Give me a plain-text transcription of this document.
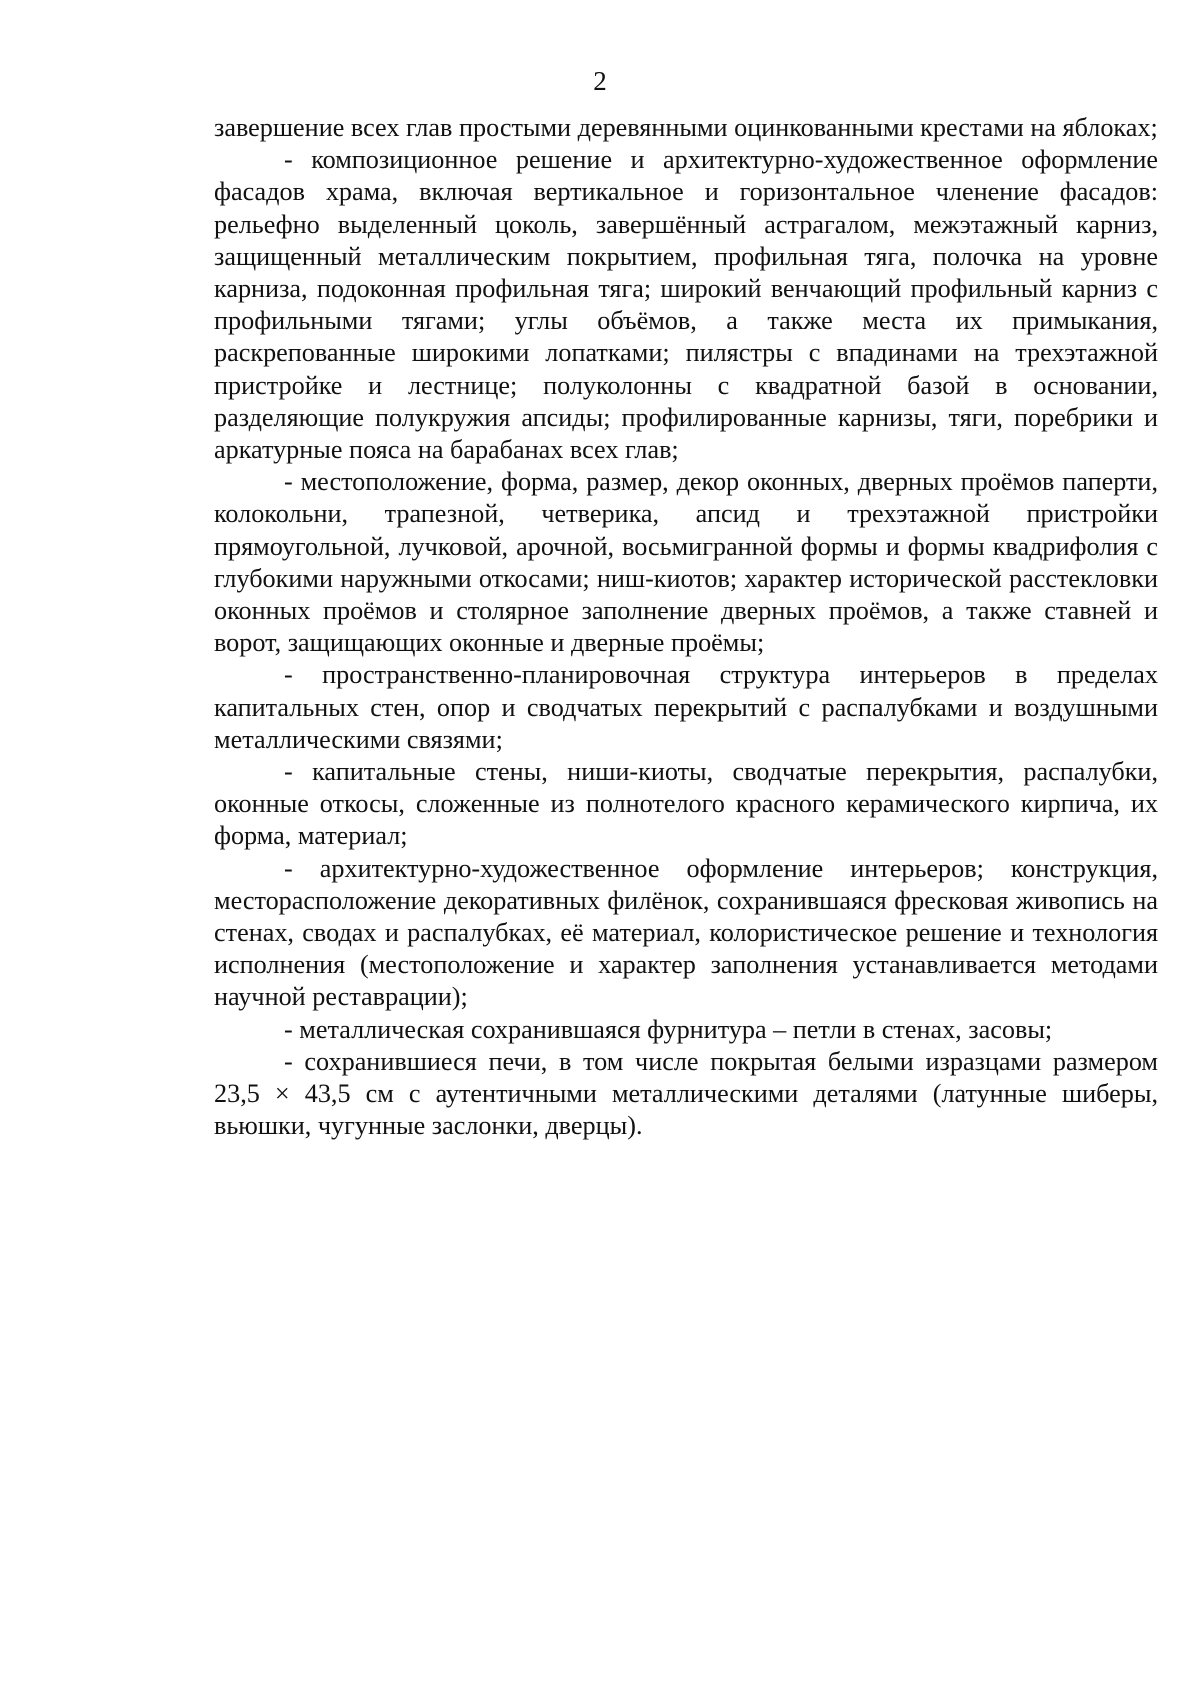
2

завершение всех глав простыми деревянными оцинкованными крестами на яблоках;

- композиционное решение и архитектурно-художественное оформление фасадов храма, включая вертикальное и горизонтальное членение фасадов: рельефно выделенный цоколь, завершённый астрагалом, межэтажный карниз, защищенный металлическим покрытием, профильная тяга, полочка на уровне карниза, подоконная профильная тяга; широкий венчающий профильный карниз с профильными тягами; углы объёмов, а также места их примыкания, раскрепованные широкими лопатками; пилястры с впадинами на трехэтажной пристройке и лестнице; полуколонны с квадратной базой в основании, разделяющие полукружия апсиды; профилированные карнизы, тяги, поребрики и аркатурные пояса на барабанах всех глав;

- местоположение, форма, размер, декор оконных, дверных проёмов паперти, колокольни, трапезной, четверика, апсид и трехэтажной пристройки прямоугольной, лучковой, арочной, восьмигранной формы и формы квадрифолия с глубокими наружными откосами; ниш-киотов; характер исторической расстекловки оконных проёмов и столярное заполнение дверных проёмов, а также ставней и ворот, защищающих оконные и дверные проёмы;

- пространственно-планировочная структура интерьеров в пределах капитальных стен, опор и сводчатых перекрытий с распалубками и воздушными металлическими связями;

- капитальные стены, ниши-киоты, сводчатые перекрытия, распалубки, оконные откосы, сложенные из полнотелого красного керамического кирпича, их форма, материал;

- архитектурно-художественное оформление интерьеров; конструкция, месторасположение декоративных филёнок, сохранившаяся фресковая живопись на стенах, сводах и распалубках, её материал, колористическое решение и технология исполнения (местоположение и характер заполнения устанавливается методами научной реставрации);

- металлическая сохранившаяся фурнитура – петли в стенах, засовы;

- сохранившиеся печи, в том числе покрытая белыми изразцами размером 23,5 × 43,5 см с аутентичными металлическими деталями (латунные шиберы, вьюшки, чугунные заслонки, дверцы).
